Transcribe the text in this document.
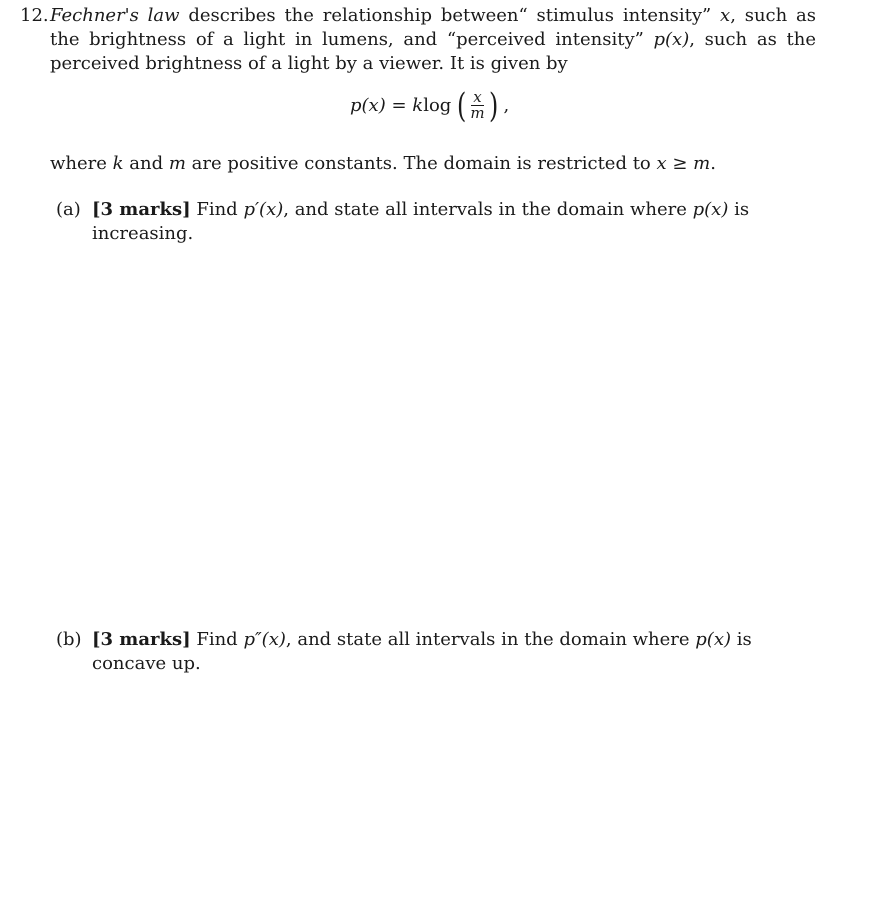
12. Fechner's law describes the relationship between“ stimulus intensity” x, such as the brightness of a light in lumens, and “perceived intensity” p(x), such as the perceived brightness of a light by a viewer. It is given by

p(x) =
k log
( $\frac{x}{m}$ )
,
where k and m are positive constants. The domain is restricted to x ≥ m.
(a) [3 marks] Find p′(x), and state all intervals in the domain where p(x) is increasing.
(b) [3 marks] Find p″(x), and state all intervals in the domain where p(x) is concave up.
